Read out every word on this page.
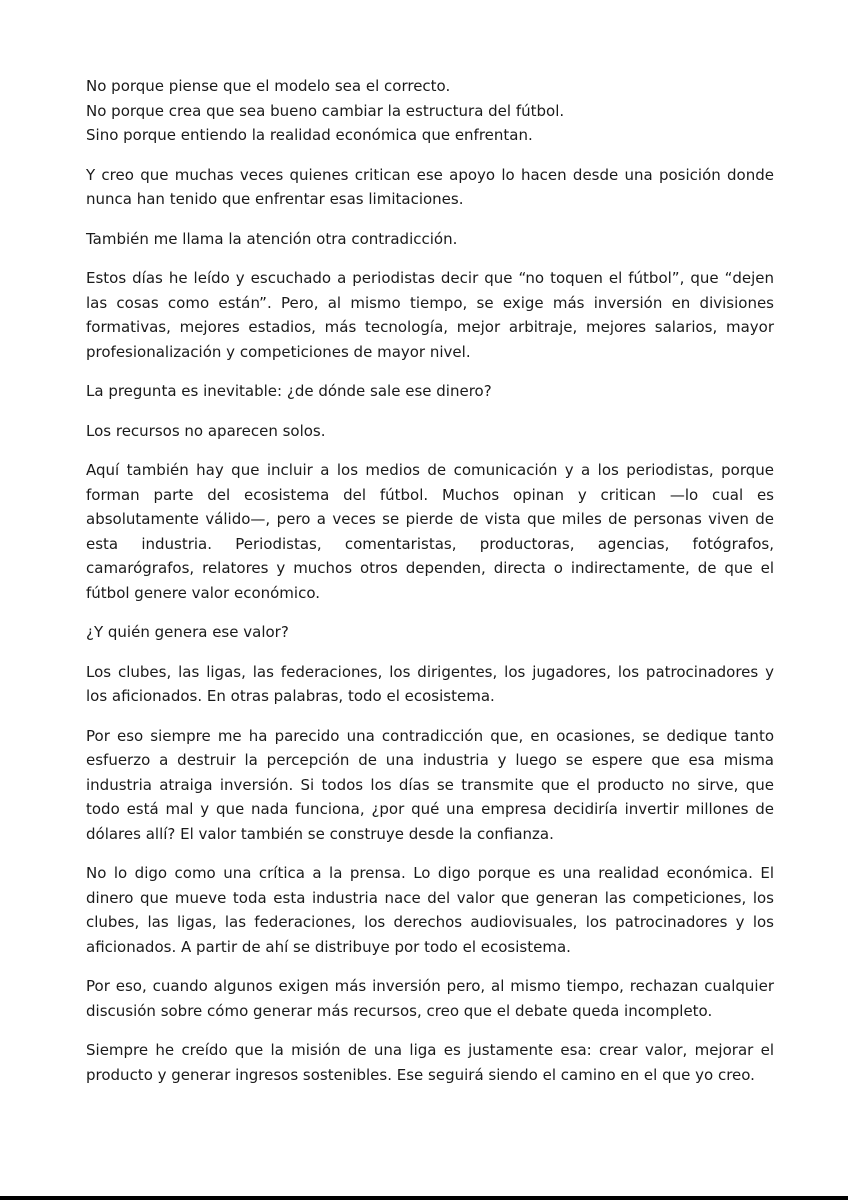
No porque piense que el modelo sea el correcto.

No porque crea que sea bueno cambiar la estructura del fútbol.

Sino porque entiendo la realidad económica que enfrentan.

Y creo que muchas veces quienes critican ese apoyo lo hacen desde una posición donde nunca han tenido que enfrentar esas limitaciones.

También me llama la atención otra contradicción.

Estos días he leído y escuchado a periodistas decir que “no toquen el fútbol”, que “dejen las cosas como están”. Pero, al mismo tiempo, se exige más inversión en divisiones formativas, mejores estadios, más tecnología, mejor arbitraje, mejores salarios, mayor profesionalización y competiciones de mayor nivel.

La pregunta es inevitable: ¿de dónde sale ese dinero?

Los recursos no aparecen solos.

Aquí también hay que incluir a los medios de comunicación y a los periodistas, porque forman parte del ecosistema del fútbol. Muchos opinan y critican —lo cual es absolutamente válido—, pero a veces se pierde de vista que miles de personas viven de esta industria. Periodistas, comentaristas, productoras, agencias, fotógrafos, camarógrafos, relatores y muchos otros dependen, directa o indirectamente, de que el fútbol genere valor económico.

¿Y quién genera ese valor?

Los clubes, las ligas, las federaciones, los dirigentes, los jugadores, los patrocinadores y los aficionados. En otras palabras, todo el ecosistema.

Por eso siempre me ha parecido una contradicción que, en ocasiones, se dedique tanto esfuerzo a destruir la percepción de una industria y luego se espere que esa misma industria atraiga inversión. Si todos los días se transmite que el producto no sirve, que todo está mal y que nada funciona, ¿por qué una empresa decidiría invertir millones de dólares allí? El valor también se construye desde la confianza.

No lo digo como una crítica a la prensa. Lo digo porque es una realidad económica. El dinero que mueve toda esta industria nace del valor que generan las competiciones, los clubes, las ligas, las federaciones, los derechos audiovisuales, los patrocinadores y los aficionados. A partir de ahí se distribuye por todo el ecosistema.

Por eso, cuando algunos exigen más inversión pero, al mismo tiempo, rechazan cualquier discusión sobre cómo generar más recursos, creo que el debate queda incompleto.

Siempre he creído que la misión de una liga es justamente esa: crear valor, mejorar el producto y generar ingresos sostenibles. Ese seguirá siendo el camino en el que yo creo.
